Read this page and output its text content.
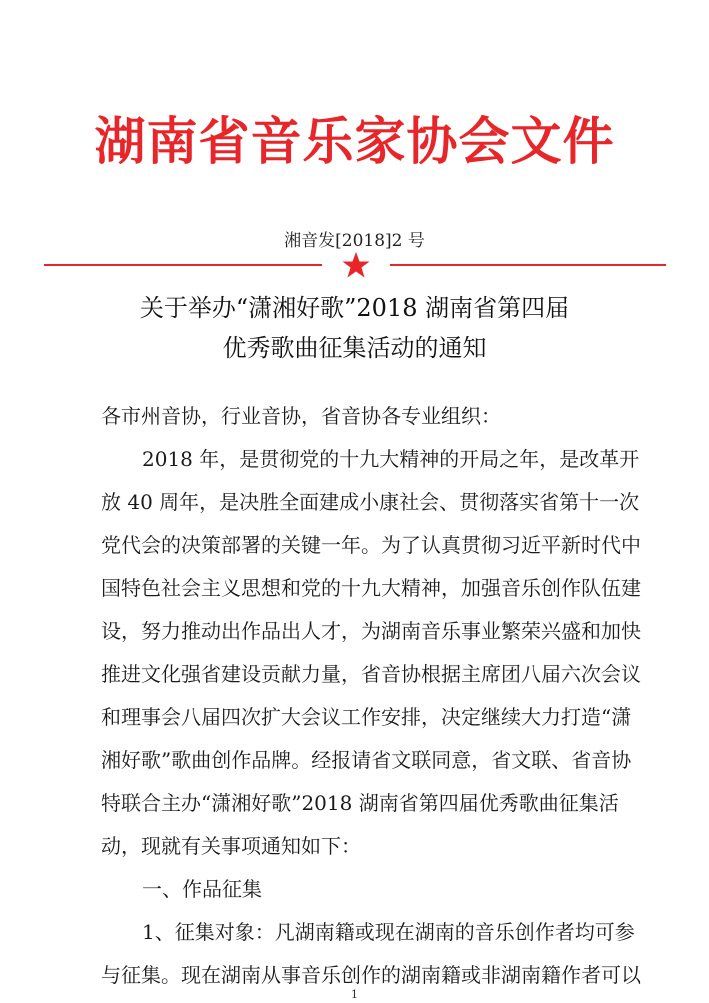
湖南省音乐家协会文件
湘音发[2018]2 号
关于举办“潇湘好歌”2018 湖南省第四届
优秀歌曲征集活动的通知
各市州音协，行业音协，省音协各专业组织：
2018 年，是贯彻党的十九大精神的开局之年，是改革开
放 40 周年，是决胜全面建成小康社会、贯彻落实省第十一次
党代会的决策部署的关键一年。为了认真贯彻习近平新时代中
国特色社会主义思想和党的十九大精神，加强音乐创作队伍建
设，努力推动出作品出人才，为湖南音乐事业繁荣兴盛和加快
推进文化强省建设贡献力量，省音协根据主席团八届六次会议
和理事会八届四次扩大会议工作安排，决定继续大力打造“潇
湘好歌”歌曲创作品牌。经报请省文联同意，省文联、省音协
特联合主办“潇湘好歌”2018 湖南省第四届优秀歌曲征集活
动，现就有关事项通知如下：
一、作品征集
1、征集对象：凡湖南籍或现在湖南的音乐创作者均可参
与征集。现在湖南从事音乐创作的湖南籍或非湖南籍作者可以
1
